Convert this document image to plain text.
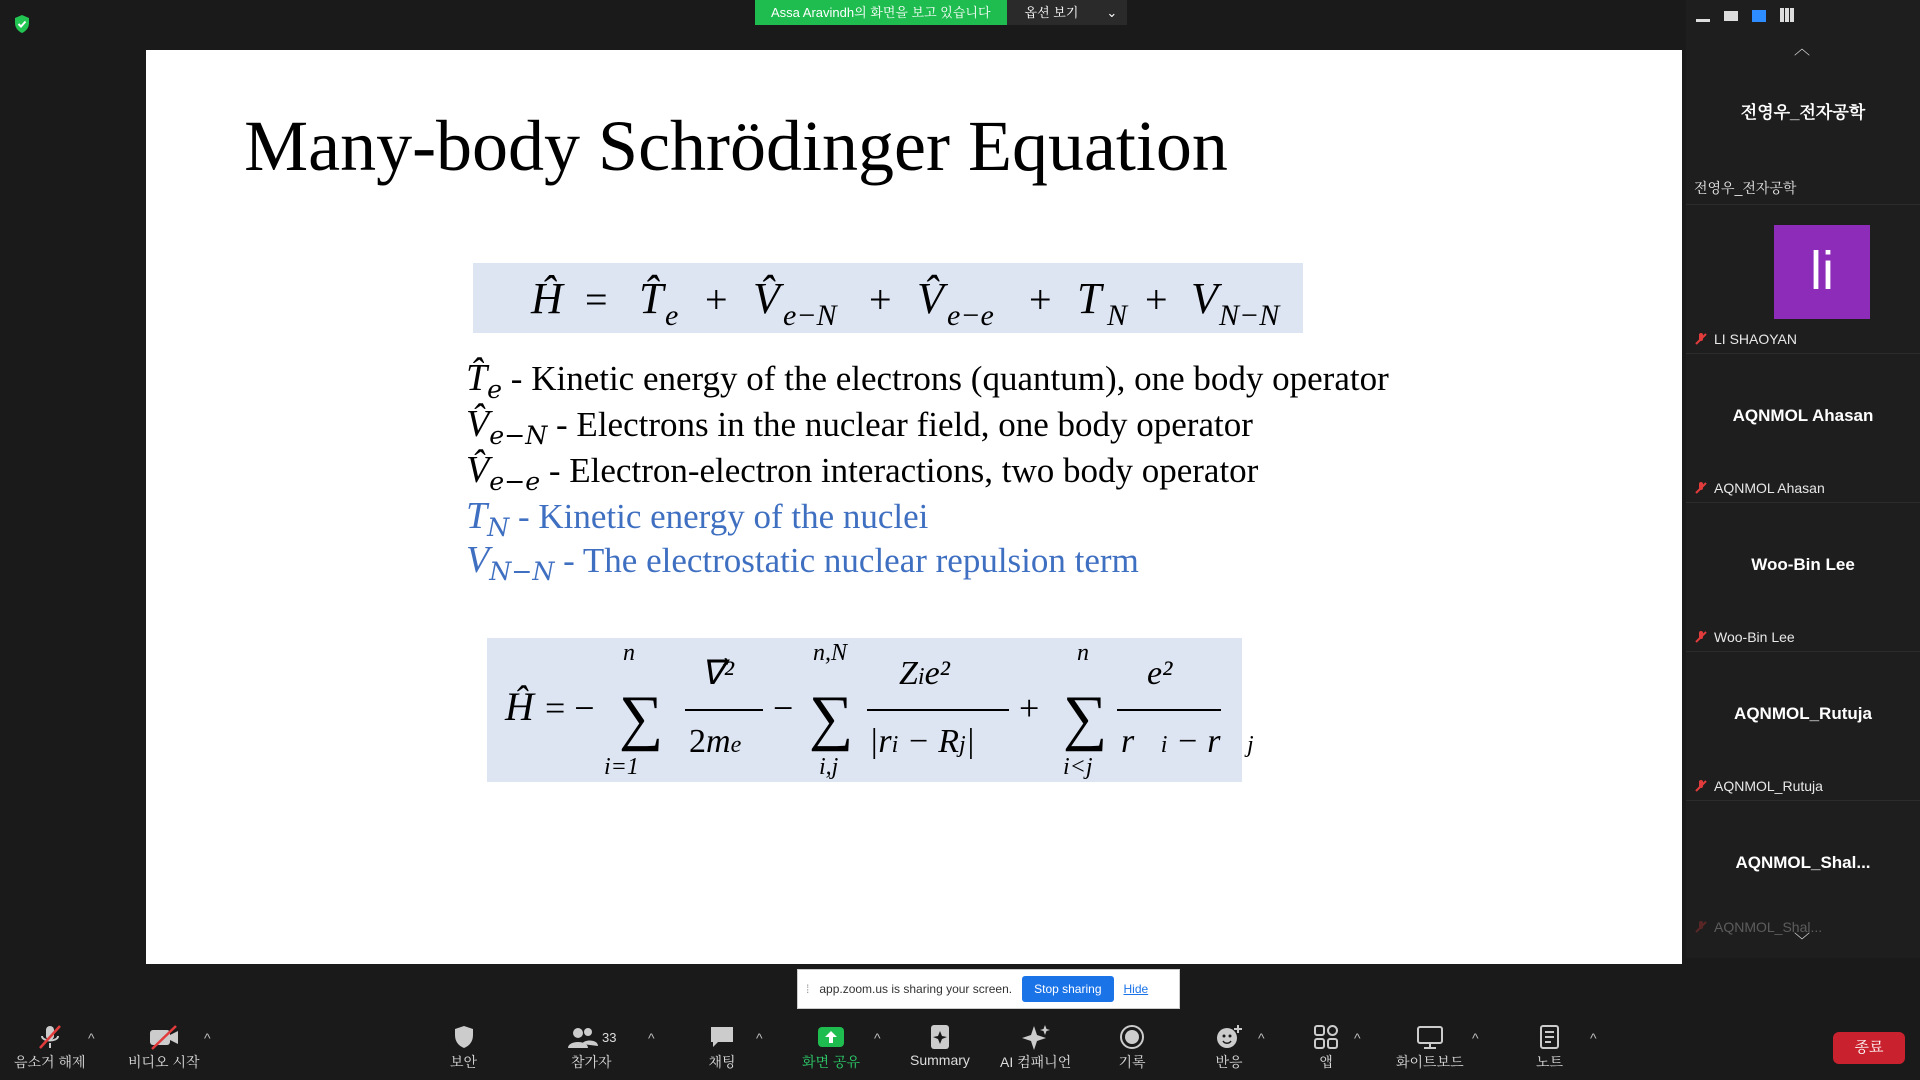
Assa Aravindh의 화면을 보고 있습니다	옵션 보기 ⌄
Many-body Schrödinger Equation
Ĥ = T̂ e + V̂ e−N + V̂ e−e + T N + V N−N
$T̂_e$ - Kinetic energy of the electrons (quantum), one body operator
$V̂_{e-N}$ - Electrons in the nuclear field, one body operator
$V̂_{e-e}$ - Electron-electron interactions, two body operator
$T_N$ - Kinetic energy of the nuclei
$V_{N-N}$ - The electrostatic nuclear repulsion term
Ĥ = −
n
∑
i=1
∇⃗²
2me
−
n,N
∑
i,j
Zie²
|ri − Rj|
+
n
∑
i<j
e²
r⃗i − r⃗j
︿
전영우_전자공학
전영우_전자공학
li
LI SHAOYAN
AQNMOL Ahasan
AQNMOL Ahasan
Woo-Bin Lee
Woo-Bin Lee
AQNMOL_Rutuja
AQNMOL_Rutuja
AQNMOL_Shal...
AQNMOL_Shal...
﹀
⁞ app.zoom.us is sharing your screen.	Stop sharing	Hide
음소거 해제
^
비디오 시작
^
보안
33
참가자
^
채팅
^
화면 공유
^
Summary AI 컴패니언	기록	반응
^
앱
^
화이트보드
^
노트
^
종료
